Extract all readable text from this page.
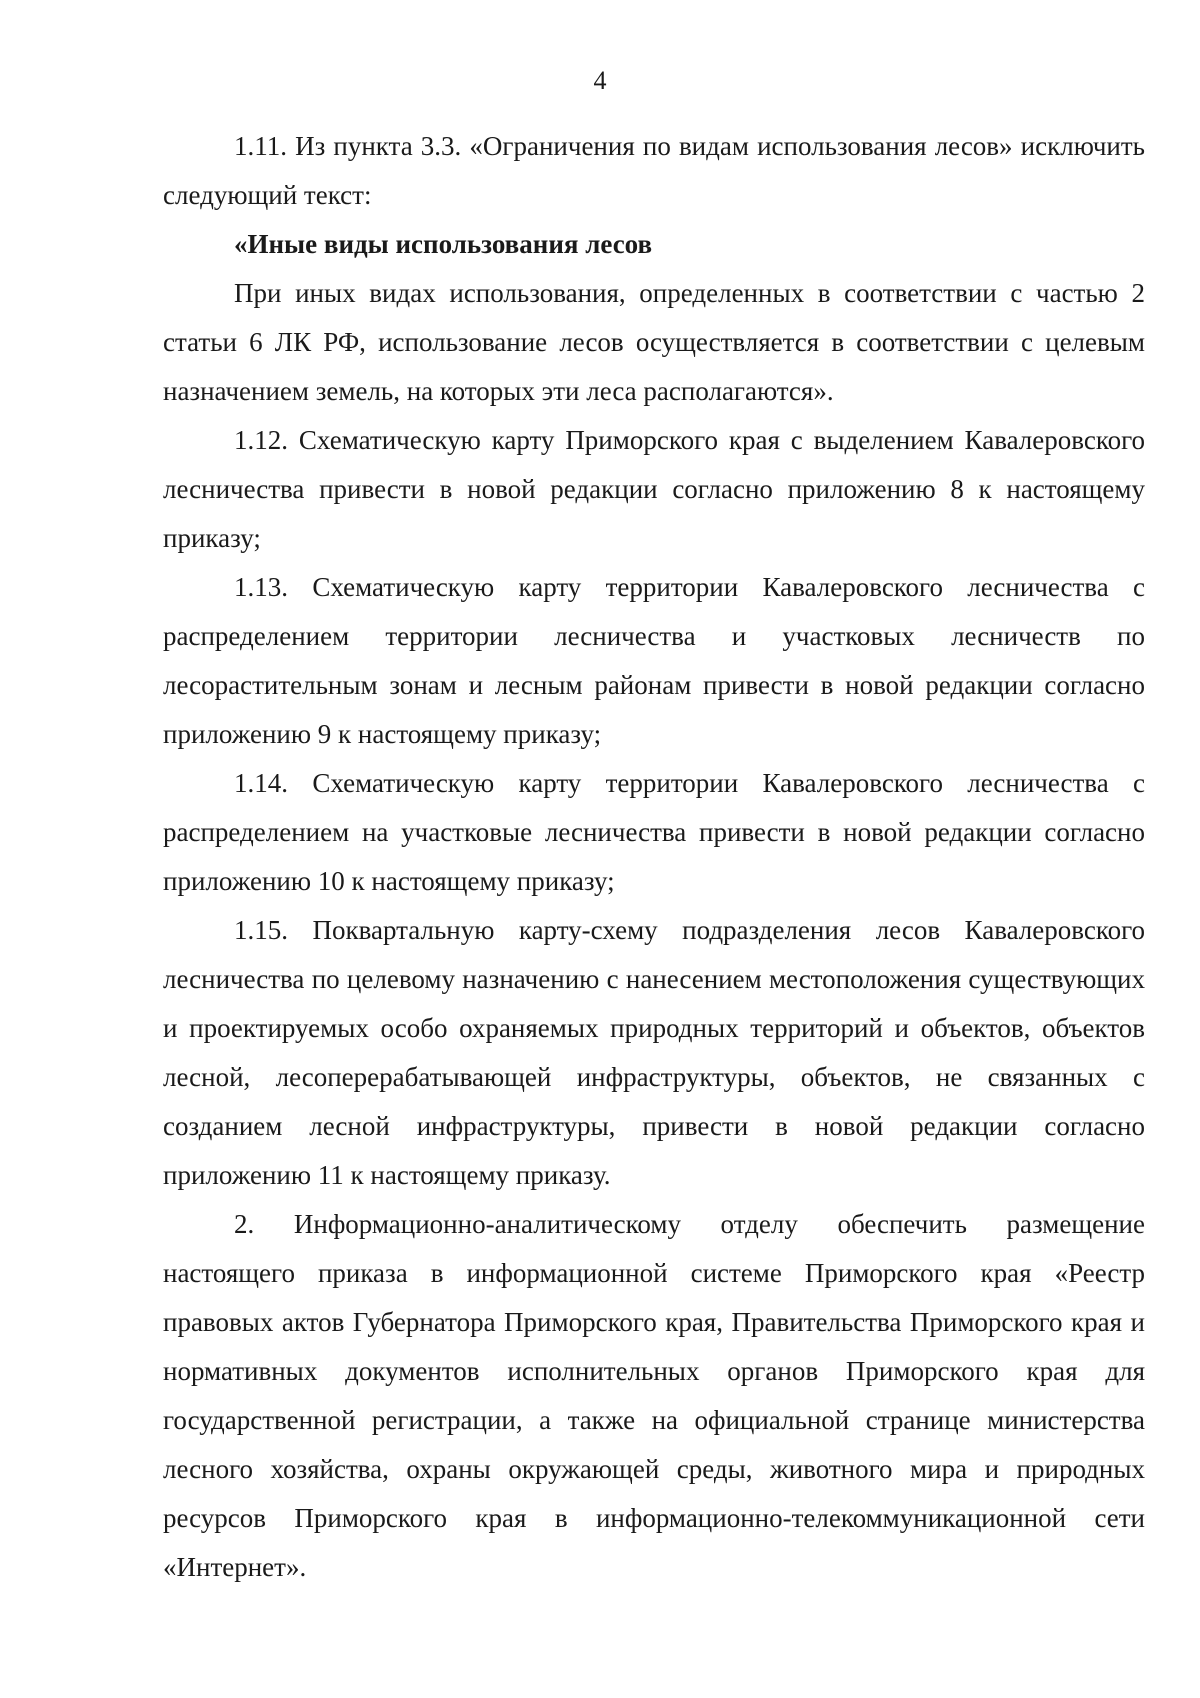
4

1.11. Из пункта 3.3. «Ограничения по видам использования лесов» исключить следующий текст:

«Иные виды использования лесов

При иных видах использования, определенных в соответствии с частью 2 статьи 6 ЛК РФ, использование лесов осуществляется в соответствии с целевым назначением земель, на которых эти леса располагаются».

1.12. Схематическую карту Приморского края с выделением Кавалеровского лесничества привести в новой редакции согласно приложению 8 к настоящему приказу;

1.13. Схематическую карту территории Кавалеровского лесничества с распределением территории лесничества и участковых лесничеств по лесорастительным зонам и лесным районам привести в новой редакции согласно приложению 9 к настоящему приказу;

1.14. Схематическую карту территории Кавалеровского лесничества с распределением на участковые лесничества привести в новой редакции согласно приложению 10 к настоящему приказу;

1.15. Поквартальную карту-схему подразделения лесов Кавалеровского лесничества по целевому назначению с нанесением местоположения существующих и проектируемых особо охраняемых природных территорий и объектов, объектов лесной, лесоперерабатывающей инфраструктуры, объектов, не связанных с созданием лесной инфраструктуры, привести в новой редакции согласно приложению 11 к настоящему приказу.

2. Информационно-аналитическому отделу обеспечить размещение настоящего приказа в информационной системе Приморского края «Реестр правовых актов Губернатора Приморского края, Правительства Приморского края и нормативных документов исполнительных органов Приморского края для государственной регистрации, а также на официальной странице министерства лесного хозяйства, охраны окружающей среды, животного мира и природных ресурсов Приморского края в информационно-телекоммуникационной сети «Интернет».
